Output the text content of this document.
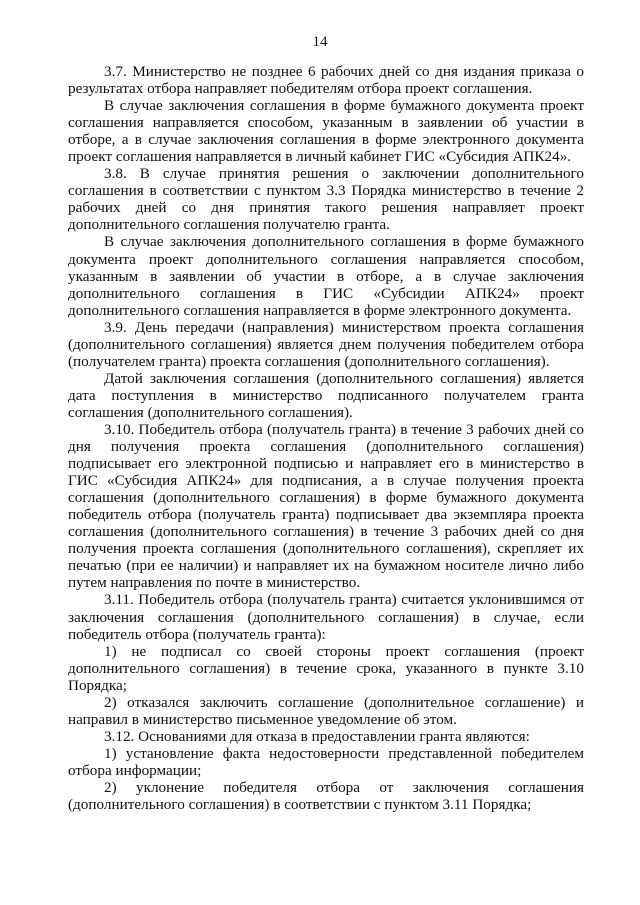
14

3.7. Министерство не позднее 6 рабочих дней со дня издания приказа о результатах отбора направляет победителям отбора проект соглашения.

В случае заключения соглашения в форме бумажного документа проект соглашения направляется способом, указанным в заявлении об участии в отборе, а в случае заключения соглашения в форме электронного документа проект соглашения направляется в личный кабинет ГИС «Субсидия АПК24».

3.8. В случае принятия решения о заключении дополнительного соглашения в соответствии с пунктом 3.3 Порядка министерство в течение 2 рабочих дней со дня принятия такого решения направляет проект дополнительного соглашения получателю гранта.

В случае заключения дополнительного соглашения в форме бумажного документа проект дополнительного соглашения направляется способом, указанным в заявлении об участии в отборе, а в случае заключения дополнительного соглашения в ГИС «Субсидии АПК24» проект дополнительного соглашения направляется в форме электронного документа.

3.9. День передачи (направления) министерством проекта соглашения (дополнительного соглашения) является днем получения победителем отбора (получателем гранта) проекта соглашения (дополнительного соглашения).

Датой заключения соглашения (дополнительного соглашения) является дата поступления в министерство подписанного получателем гранта соглашения (дополнительного соглашения).

3.10. Победитель отбора (получатель гранта) в течение 3 рабочих дней со дня получения проекта соглашения (дополнительного соглашения) подписывает его электронной подписью и направляет его в министерство в ГИС «Субсидия АПК24» для подписания, а в случае получения проекта соглашения (дополнительного соглашения) в форме бумажного документа победитель отбора (получатель гранта) подписывает два экземпляра проекта соглашения (дополнительного соглашения) в течение 3 рабочих дней со дня получения проекта соглашения (дополнительного соглашения), скрепляет их печатью (при ее наличии) и направляет их на бумажном носителе лично либо путем направления по почте в министерство.

3.11. Победитель отбора (получатель гранта) считается уклонившимся от заключения соглашения (дополнительного соглашения) в случае, если победитель отбора (получатель гранта):

1) не подписал со своей стороны проект соглашения (проект дополнительного соглашения) в течение срока, указанного в пункте 3.10 Порядка;

2) отказался заключить соглашение (дополнительное соглашение) и направил в министерство письменное уведомление об этом.

3.12. Основаниями для отказа в предоставлении гранта являются:

1) установление факта недостоверности представленной победителем отбора информации;

2) уклонение победителя отбора от заключения соглашения (дополнительного соглашения) в соответствии с пунктом 3.11 Порядка;
